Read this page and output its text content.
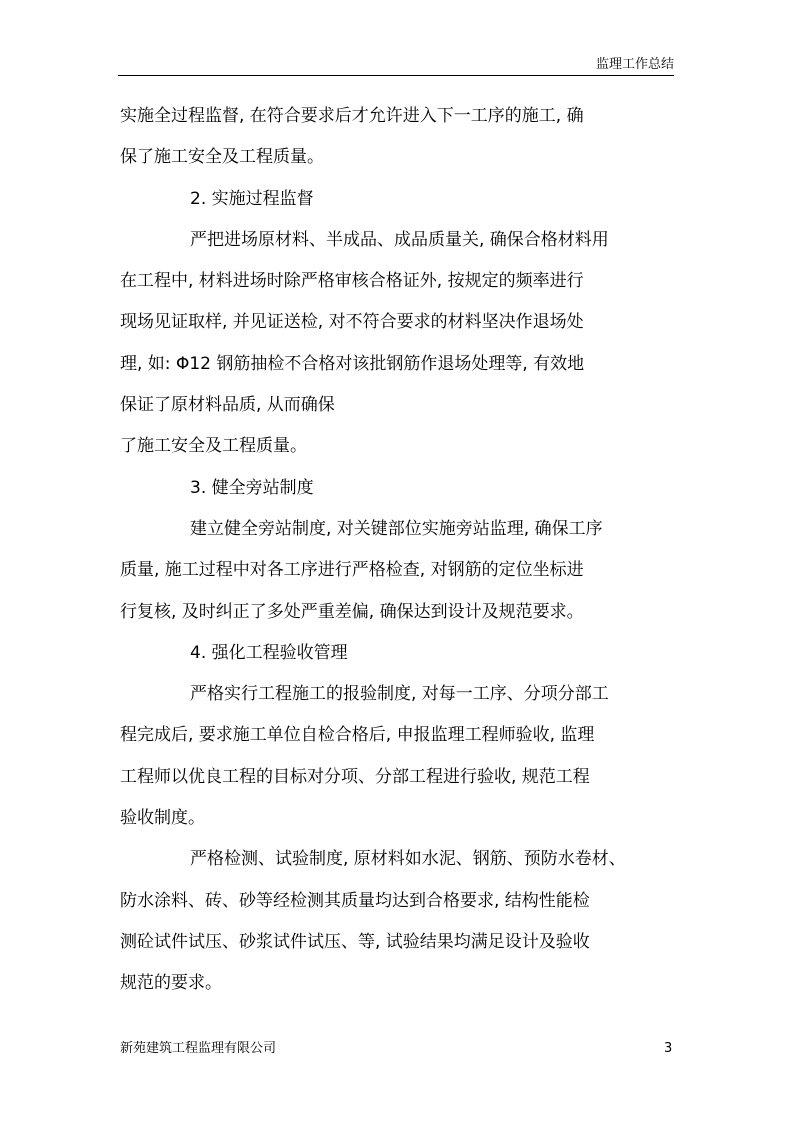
监理工作总结
实施全过程监督, 在符合要求后才允许进入下一工序的施工, 确
保了施工安全及工程质量。
2. 实施过程监督
严把进场原材料、半成品、成品质量关, 确保合格材料用
在工程中, 材料进场时除严格审核合格证外, 按规定的频率进行
现场见证取样, 并见证送检, 对不符合要求的材料坚决作退场处
理, 如: Φ12 钢筋抽检不合格对该批钢筋作退场处理等, 有效地
保证了原材料品质, 从而确保
了施工安全及工程质量。
3. 健全旁站制度
建立健全旁站制度, 对关键部位实施旁站监理, 确保工序
质量, 施工过程中对各工序进行严格检查, 对钢筋的定位坐标进
行复核, 及时纠正了多处严重差偏, 确保达到设计及规范要求。
4. 强化工程验收管理
严格实行工程施工的报验制度, 对每一工序、分项分部工
程完成后, 要求施工单位自检合格后, 申报监理工程师验收, 监理
工程师以优良工程的目标对分项、分部工程进行验收, 规范工程
验收制度。
严格检测、试验制度, 原材料如水泥、钢筋、预防水卷材、
防水涂料、砖、砂等经检测其质量均达到合格要求, 结构性能检
测砼试件试压、砂浆试件试压、等, 试验结果均满足设计及验收
规范的要求。
新苑建筑工程监理有限公司	3
